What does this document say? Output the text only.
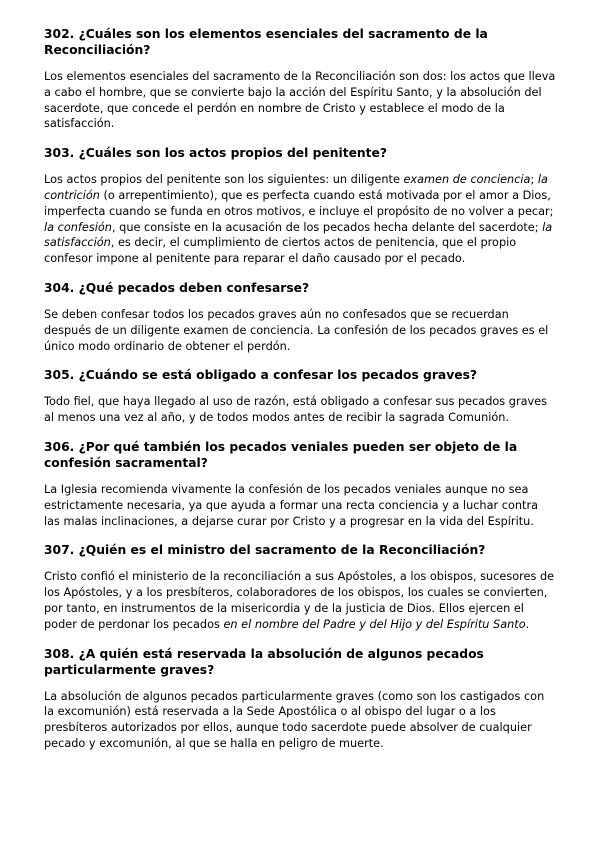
302. ¿Cuáles son los elementos esenciales del sacramento de la Reconciliación?

Los elementos esenciales del sacramento de la Reconciliación son dos: los actos que lleva a cabo el hombre, que se convierte bajo la acción del Espíritu Santo, y la absolución del sacerdote, que concede el perdón en nombre de Cristo y establece el modo de la satisfacción.

303. ¿Cuáles son los actos propios del penitente?

Los actos propios del penitente son los siguientes: un diligente examen de conciencia; la contrición (o arrepentimiento), que es perfecta cuando está motivada por el amor a Dios, imperfecta cuando se funda en otros motivos, e incluye el propósito de no volver a pecar; la confesión, que consiste en la acusación de los pecados hecha delante del sacerdote; la satisfacción, es decir, el cumplimiento de ciertos actos de penitencia, que el propio confesor impone al penitente para reparar el daño causado por el pecado.

304. ¿Qué pecados deben confesarse?

Se deben confesar todos los pecados graves aún no confesados que se recuerdan después de un diligente examen de conciencia. La confesión de los pecados graves es el único modo ordinario de obtener el perdón.

305. ¿Cuándo se está obligado a confesar los pecados graves?

Todo fiel, que haya llegado al uso de razón, está obligado a confesar sus pecados graves al menos una vez al año, y de todos modos antes de recibir la sagrada Comunión.

306. ¿Por qué también los pecados veniales pueden ser objeto de la confesión sacramental?

La Iglesia recomienda vivamente la confesión de los pecados veniales aunque no sea estrictamente necesaria, ya que ayuda a formar una recta conciencia y a luchar contra las malas inclinaciones, a dejarse curar por Cristo y a progresar en la vida del Espíritu.

307. ¿Quién es el ministro del sacramento de la Reconciliación?

Cristo confió el ministerio de la reconciliación a sus Apóstoles, a los obispos, sucesores de los Apóstoles, y a los presbíteros, colaboradores de los obispos, los cuales se convierten, por tanto, en instrumentos de la misericordia y de la justicia de Dios. Ellos ejercen el poder de perdonar los pecados en el nombre del Padre y del Hijo y del Espíritu Santo.

308. ¿A quién está reservada la absolución de algunos pecados particularmente graves?

La absolución de algunos pecados particularmente graves (como son los castigados con la excomunión) está reservada a la Sede Apostólica o al obispo del lugar o a los presbíteros autorizados por ellos, aunque todo sacerdote puede absolver de cualquier pecado y excomunión, al que se halla en peligro de muerte.
